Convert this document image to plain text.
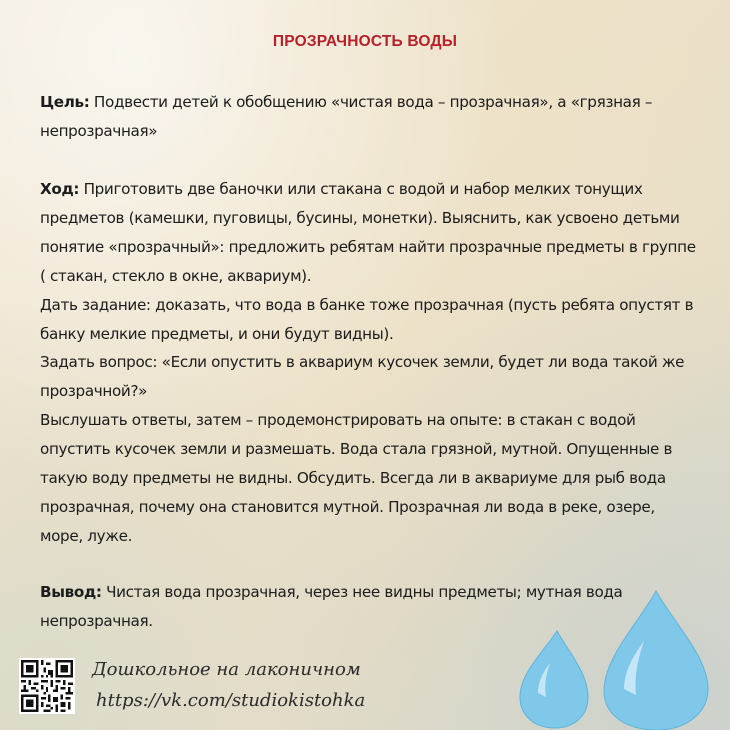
ПРОЗРАЧНОСТЬ ВОДЫ
Цель: Подвести детей к обобщению «чистая вода – прозрачная», а «грязная – непрозрачная»
Ход: Приготовить две баночки или стакана с водой и набор мелких тонущих предметов (камешки, пуговицы, бусины, монетки). Выяснить, как усвоено детьми понятие «прозрачный»: предложить ребятам найти прозрачные предметы в группе ( стакан, стекло в окне, аквариум).
Дать задание: доказать, что вода в банке тоже прозрачная (пусть ребята опустят в банку мелкие предметы, и они будут видны).
Задать вопрос: «Если опустить в аквариум кусочек земли, будет ли вода такой же прозрачной?»
Выслушать ответы, затем – продемонстрировать на опыте: в стакан с водой опустить кусочек земли и размешать. Вода стала грязной, мутной. Опущенные в такую воду предметы не видны. Обсудить. Всегда ли в аквариуме для рыб вода прозрачная, почему она становится мутной. Прозрачная ли вода в реке, озере, море, луже.
Вывод: Чистая вода прозрачная, через нее видны предметы; мутная вода непрозрачная.
Дошкольное на лаконичном
https://vk.com/studiokistohka
